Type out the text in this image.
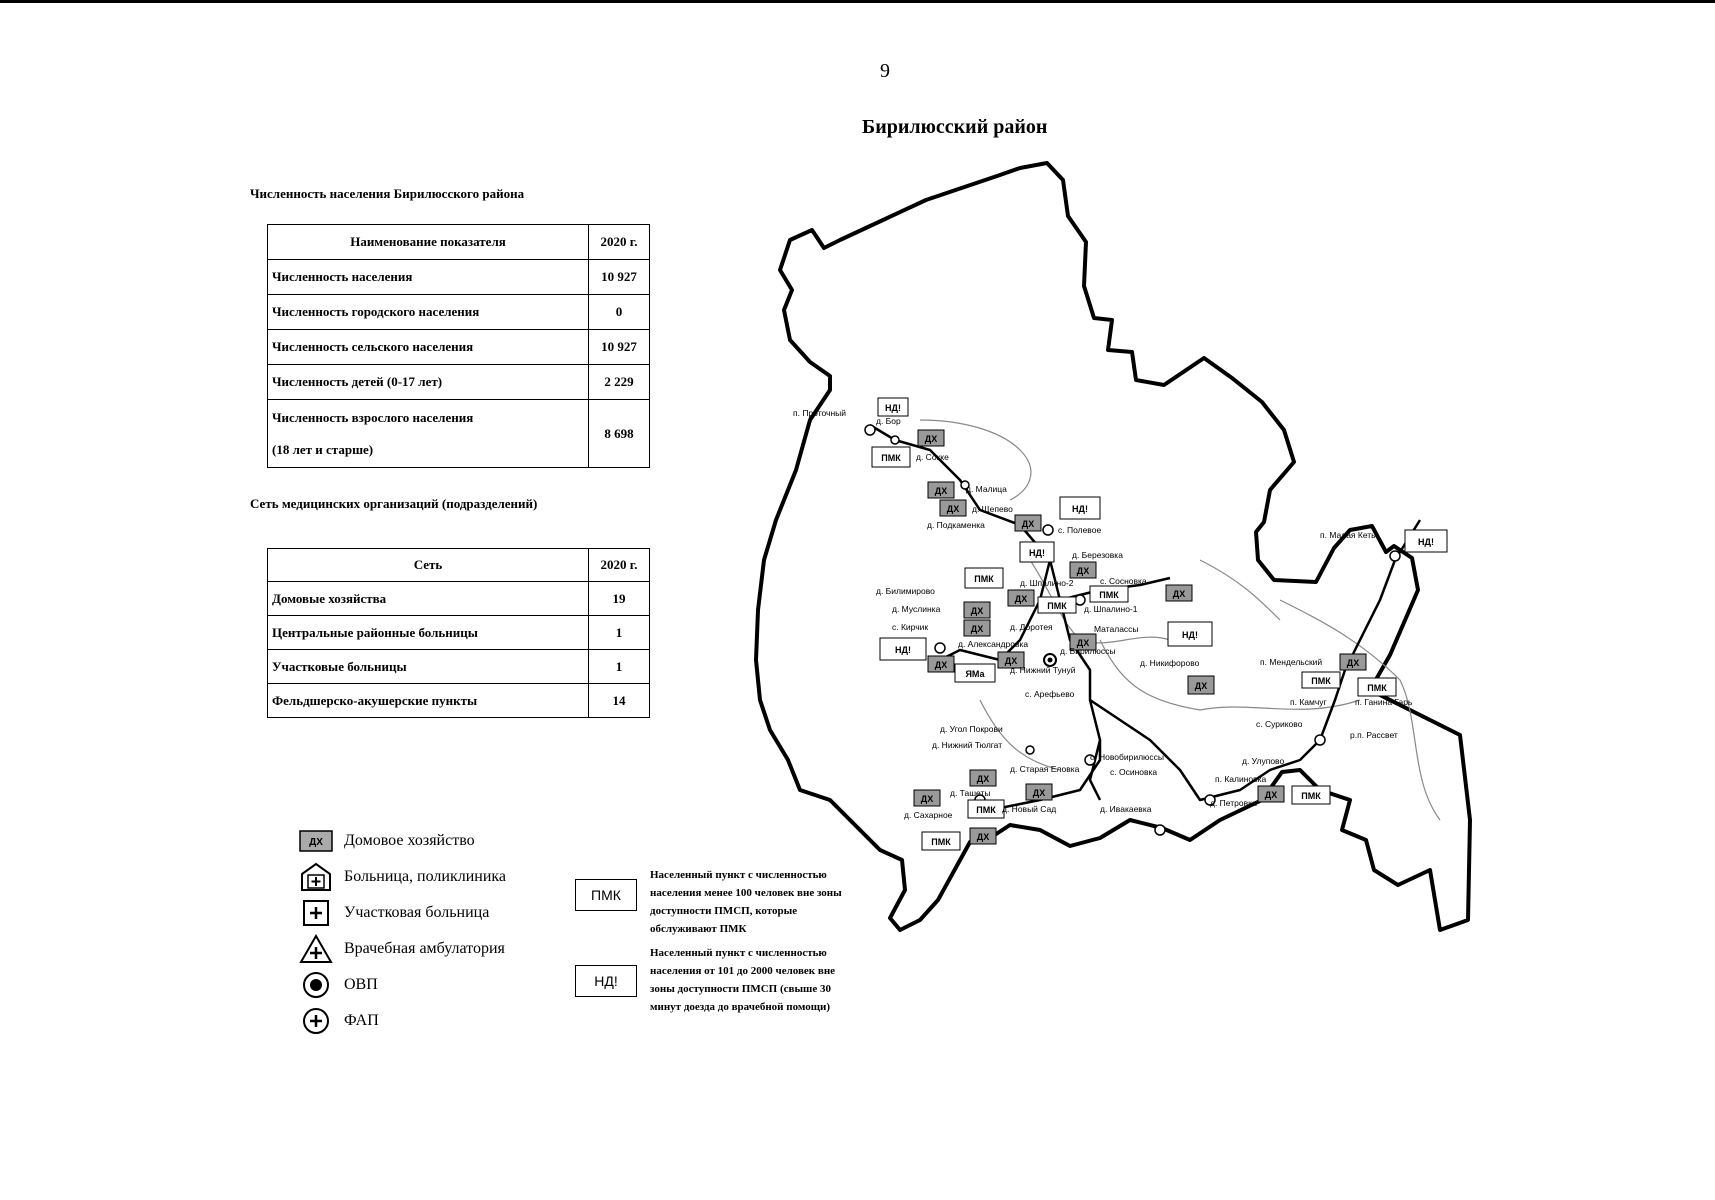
9
Бирилюсский район
Численность населения Бирилюсского района
Наименование показателя	2020 г.
Численность населения	10 927
Численность городского населения	0
Численность сельского населения	10 927
Численность детей (0-17 лет)	2 229

Численность взрослого населения
(18 лет и старше)	8 698
Сеть медицинских организаций (подразделений)
Сеть	2020 г.
Домовые хозяйства	19
Центральные районные больницы	1
Участковые больницы	1
Фельдшерско-акушерские пункты	14
ДХ Домовое хозяйство
Больница, поликлиника
Участковая больница
Врачебная амбулатория
ОВП
ФАП
ПМК
Населенный пункт с численностью
населения менее 100 человек вне зоны
доступности ПМСП, которые
обслуживают ПМК
НД!
Населенный пункт с численностью
населения от 101 до 2000 человек вне
зоны доступности ПМСП (свыше 30
минут доезда до врачебной помощи)
НД!
ДХ
ПМК
ДХ
ДХ	НД!
ДХ
НД!
ПМК
ДХ
ПМК	ДХ
ПМК
ДХ
ДХ
ДХ
НД!
ДХ
НД!
ДХ	ДХ
ЯМа
ДХ
НД!
ДХ
ПМК
ПМК
ДХ
ДХ
ПМК
ДХ
ДХ
ПМК
ДХ	ПМК
п. Проточный
д. Бор
д. Сокке
д. Малица
д. Щепево
д. Подкаменка	с. Полевое
д. Березовка
д. Билимирово
д. Шпалино-2	с. Сосновка
д. Муслинка	д. Шпалино-1
с. Кирчик	д. Доротея	Маталассы
д. Александровка
д. Бирилюссы
д. Никифорово
д. Нижний Тунуй
с. Арефьево
п. Мендельский
п. Камчуг	п. Ганина Гарь
с. Суриково
д. Угол Покрови
д. Нижний Тюлгат
с. Новобирилюссы
д. Старая Еловка	с. Осиновка
д. Ташеты
д. Сахарное
д. Новый Сад	д. Ивакаевка
д. Петровка
п. Калиновка
д. Улупово
р.п. Рассвет
п. Малая Кеть
